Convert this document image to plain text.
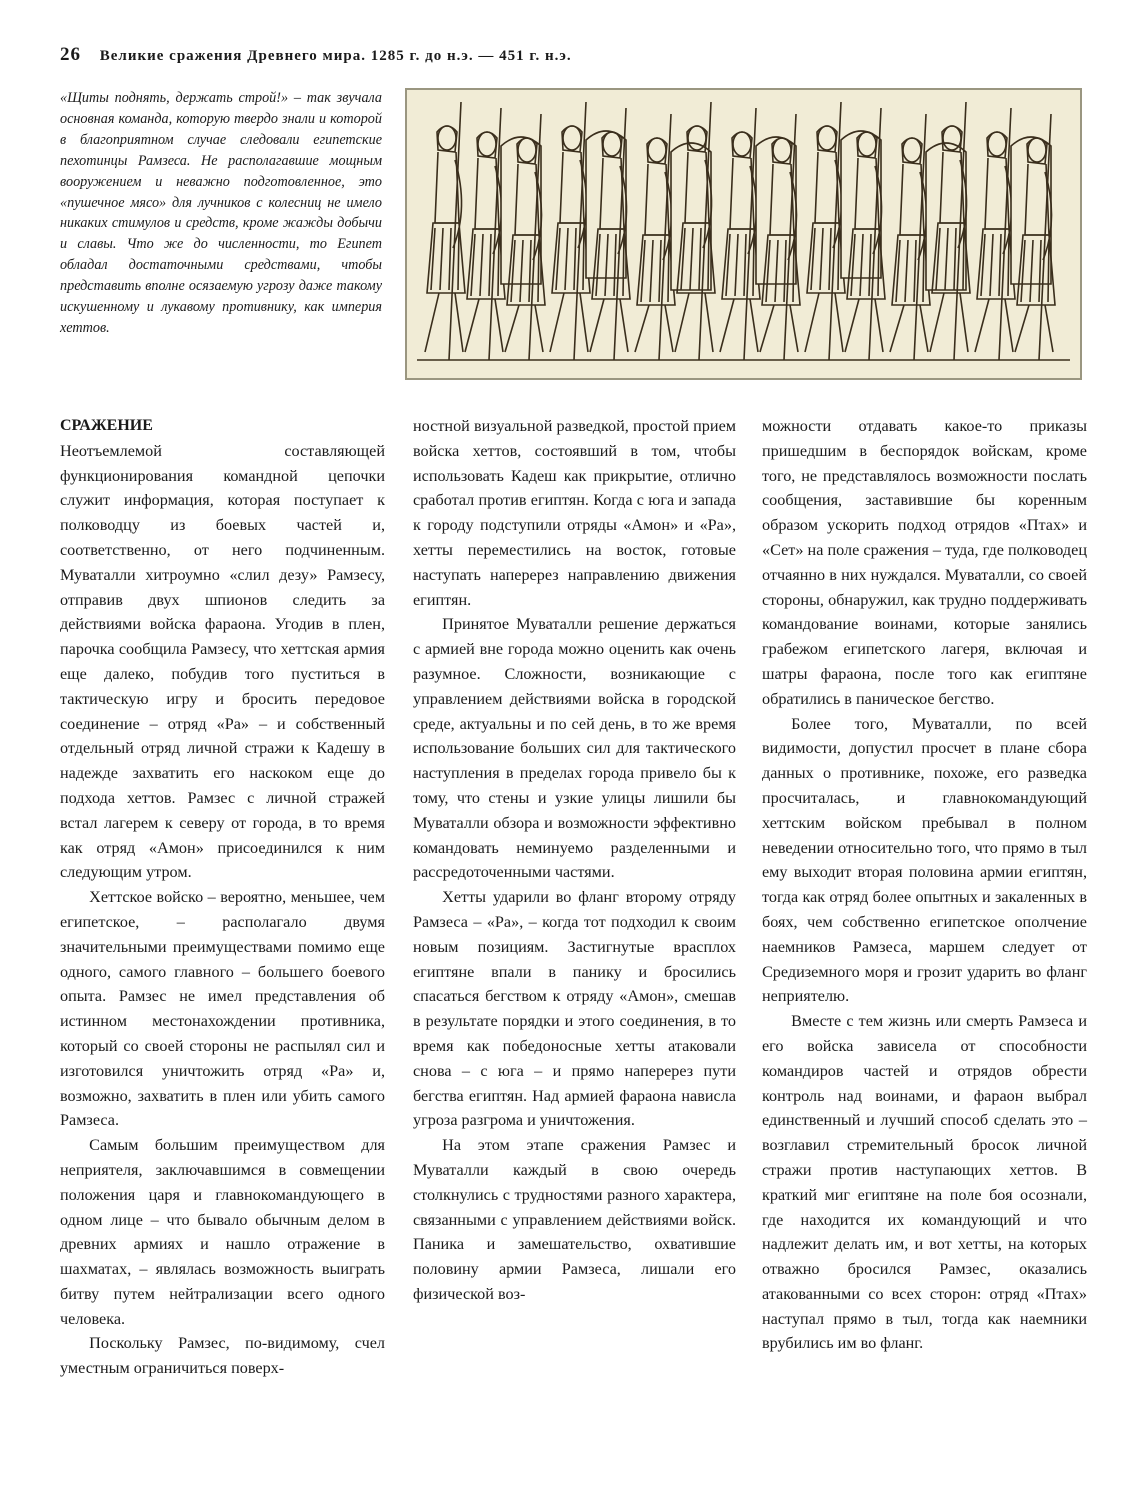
26 Великие сражения Древнего мира. 1285 г. до н.э. — 451 г. н.э.

«Щиты поднять, держать строй!» – так звучала основная команда, которую твердо знали и которой в благоприятном случае следовали египетские пехотинцы Рамзеса. Не располагавшие мощным вооружением и неважно подготовленное, это «пушечное мясо» для лучников с колесниц не имело никаких стимулов и средств, кроме жажды добычи и славы. Что же до численности, то Египет обладал достаточными средствами, чтобы представить вполне осязаемую угрозу даже такому искушенному и лукавому противнику, как империя хеттов.

СРАЖЕНИЕ

Неотъемлемой составляющей функционирования командной цепочки служит информация, которая поступает к полководцу из боевых частей и, соответственно, от него подчиненным. Муваталли хитроумно «слил дезу» Рамзесу, отправив двух шпионов следить за действиями войска фараона. Угодив в плен, парочка сообщила Рамзесу, что хеттская армия еще далеко, побудив того пуститься в тактическую игру и бросить передовое соединение – отряд «Ра» – и собственный отдельный отряд личной стражи к Кадешу в надежде захватить его наскоком еще до подхода хеттов. Рамзес с личной стражей встал лагерем к северу от города, в то время как отряд «Амон» присоединился к ним следующим утром.

Хеттское войско – вероятно, меньшее, чем египетское, – располагало двумя значительными преимуществами помимо еще одного, самого главного – большего боевого опыта. Рамзес не имел представления об истинном местонахождении противника, который со своей стороны не распылял сил и изготовился уничтожить отряд «Ра» и, возможно, захватить в плен или убить самого Рамзеса.

Самым большим преимуществом для неприятеля, заключавшимся в совмещении положения царя и главнокомандующего в одном лице – что бывало обычным делом в древних армиях и нашло отражение в шахматах, – являлась возможность выиграть битву путем нейтрализации всего одного человека.

Поскольку Рамзес, по-видимому, счел уместным ограничиться поверх-

ностной визуальной разведкой, простой прием войска хеттов, состоявший в том, чтобы использовать Кадеш как прикрытие, отлично сработал против египтян. Когда с юга и запада к городу подступили отряды «Амон» и «Ра», хетты переместились на восток, готовые наступать наперерез направлению движения египтян.

Принятое Муваталли решение держаться с армией вне города можно оценить как очень разумное. Сложности, возникающие с управлением действиями войска в городской среде, актуальны и по сей день, в то же время использование больших сил для тактического наступления в пределах города привело бы к тому, что стены и узкие улицы лишили бы Муваталли обзора и возможности эффективно командовать неминуемо разделенными и рассредоточенными частями.

Хетты ударили во фланг второму отряду Рамзеса – «Ра», – когда тот подходил к своим новым позициям. Застигнутые врасплох египтяне впали в панику и бросились спасаться бегством к отряду «Амон», смешав в результате порядки и этого соединения, в то время как победоносные хетты атаковали снова – с юга – и прямо наперерез пути бегства египтян. Над армией фараона нависла угроза разгрома и уничтожения.

На этом этапе сражения Рамзес и Муваталли каждый в свою очередь столкнулись с трудностями разного характера, связанными с управлением действиями войск. Паника и замешательство, охватившие половину армии Рамзеса, лишали его физической воз-

можности отдавать какое-то приказы пришедшим в беспорядок войскам, кроме того, не представлялось возможности послать сообщения, заставившие бы коренным образом ускорить подход отрядов «Птах» и «Сет» на поле сражения – туда, где полководец отчаянно в них нуждался. Муваталли, со своей стороны, обнаружил, как трудно поддерживать командование воинами, которые занялись грабежом египетского лагеря, включая и шатры фараона, после того как египтяне обратились в паническое бегство.

Более того, Муваталли, по всей видимости, допустил просчет в плане сбора данных о противнике, похоже, его разведка просчиталась, и главнокомандующий хеттским войском пребывал в полном неведении относительно того, что прямо в тыл ему выходит вторая половина армии египтян, тогда как отряд более опытных и закаленных в боях, чем собственно египетское ополчение наемников Рамзеса, маршем следует от Средиземного моря и грозит ударить во фланг неприятелю.

Вместе с тем жизнь или смерть Рамзеса и его войска зависела от способности командиров частей и отрядов обрести контроль над воинами, и фараон выбрал единственный и лучший способ сделать это – возглавил стремительный бросок личной стражи против наступающих хеттов. В краткий миг египтяне на поле боя осознали, где находится их командующий и что надлежит делать им, и вот хетты, на которых отважно бросился Рамзес, оказались атакованными со всех сторон: отряд «Птах» наступал прямо в тыл, тогда как наемники врубились им во фланг.
